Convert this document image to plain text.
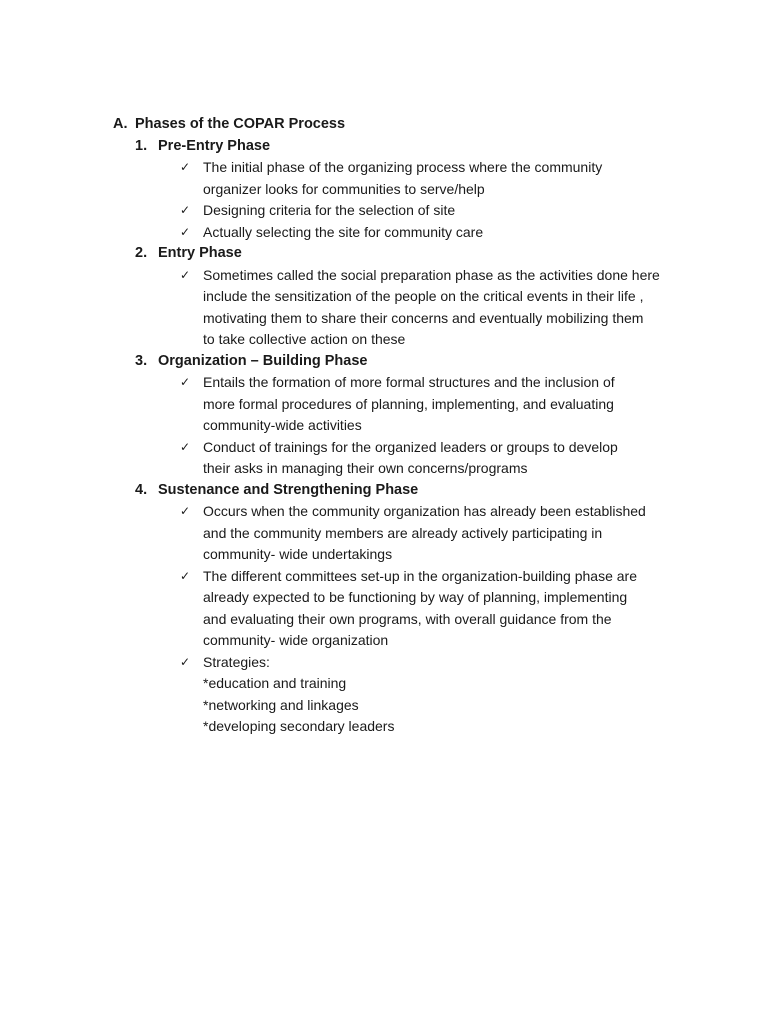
A. Phases of the COPAR Process
1. Pre-Entry Phase
✓ The initial phase of the organizing process where the community
organizer looks for communities to serve/help
✓ Designing criteria for the selection of site
✓ Actually selecting the site for community care
2. Entry Phase
✓ Sometimes called the social preparation phase as the activities done here
include the sensitization of the people on the critical events in their life ,
motivating them to share their concerns and eventually mobilizing them
to take collective action on these
3. Organization – Building Phase
✓ Entails the formation of more formal structures and the inclusion of
more formal procedures of planning, implementing, and evaluating
community-wide activities
✓ Conduct of trainings for the organized leaders or groups to develop
their asks in managing their own concerns/programs
4. Sustenance and Strengthening Phase
✓ Occurs when the community organization has already been established
and the community members are already actively participating in
community- wide undertakings
✓ The different committees set-up in the organization-building phase are
already expected to be functioning by way of planning, implementing
and evaluating their own programs, with overall guidance from the
community- wide organization
✓ Strategies:
*education and training
*networking and linkages
*developing secondary leaders
